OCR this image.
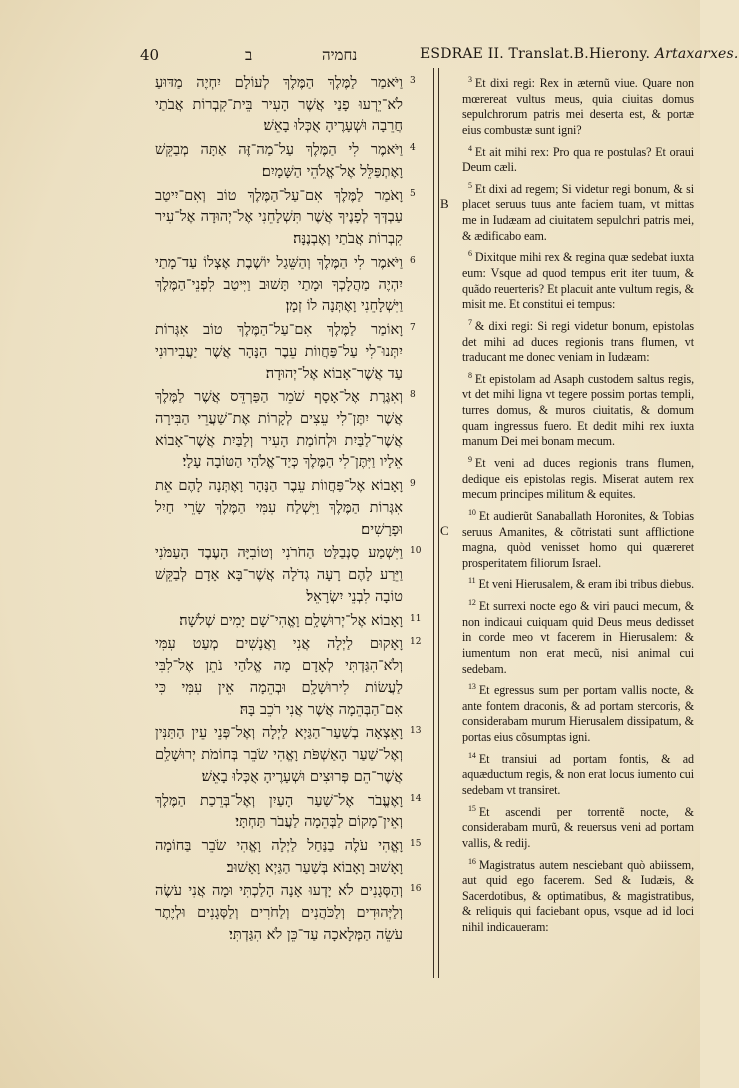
40	ב	נחמיה	ESDRAE II. Translat.B.Hierony. Artaxarxes.

וַיֹּאמַר לַמֶּלֶךְ הַמֶּלֶךְ לְעוֹלָם יִחְיֶה מַדּוּעַ לֹא־יֵרְעוּ פָנַי אֲשֶׁר הָעִיר בֵּית־קִבְרוֹת אֲבֹתַי חֲרֵבָה וּשְׁעָרֶיהָ אֻכְּלוּ בָאֵשׁ׃

וַיֹּאמֶר לִי הַמֶּלֶךְ עַל־מַה־זֶּה אַתָּה מְבַקֵּשׁ וָאֶתְפַּלֵּל אֶל־אֱלֹהֵי הַשָּׁמָיִם׃

וָאֹמַר לַמֶּלֶךְ אִם־עַל־הַמֶּלֶךְ טוֹב וְאִם־יִיטַב עַבְדְּךָ לְפָנֶיךָ אֲשֶׁר תִּשְׁלָחֵנִי אֶל־יְהוּדָה אֶל־עִיר קִבְרוֹת אֲבֹתַי וְאֶבְנֶנָּה׃

וַיֹּאמֶר לִי הַמֶּלֶךְ וְהַשֵּׁגַל יוֹשֶׁבֶת אֶצְלוֹ עַד־מָתַי יִהְיֶה מַהֲלָכְךָ וּמָתַי תָּשׁוּב וַיִּיטַב לִפְנֵי־הַמֶּלֶךְ וַיִּשְׁלָחֵנִי וָאֶתְּנָה לוֹ זְמָן׃

וָאוֹמַר לַמֶּלֶךְ אִם־עַל־הַמֶּלֶךְ טוֹב אִגְּרוֹת יִתְּנוּ־לִי עַל־פַּחֲווֹת עֵבֶר הַנָּהָר אֲשֶׁר יַעֲבִירוּנִי עַד אֲשֶׁר־אָבוֹא אֶל־יְהוּדָה׃

וְאִגֶּרֶת אֶל־אָסָף שֹׁמֵר הַפַּרְדֵּס אֲשֶׁר לַמֶּלֶךְ אֲשֶׁר יִתֶּן־לִי עֵצִים לְקָרוֹת אֶת־שַׁעֲרֵי הַבִּירָה אֲשֶׁר־לַבַּיִת וּלְחוֹמַת הָעִיר וְלַבַּיִת אֲשֶׁר־אָבוֹא אֵלָיו וַיִּתֶּן־לִי הַמֶּלֶךְ כְּיַד־אֱלֹהַי הַטּוֹבָה עָלָי׃

וָאָבוֹא אֶל־פַּחֲווֹת עֵבֶר הַנָּהָר וָאֶתְּנָה לָהֶם אֵת אִגְּרוֹת הַמֶּלֶךְ וַיִּשְׁלַח עִמִּי הַמֶּלֶךְ שָׂרֵי חַיִל וּפָרָשִׁים׃

וַיִּשְׁמַע סַנְבַלַּט הַחֹרֹנִי וְטוֹבִיָּה הָעֶבֶד הָעַמֹּנִי וַיֵּרַע לָהֶם רָעָה גְדֹלָה אֲשֶׁר־בָּא אָדָם לְבַקֵּשׁ טוֹבָה לִבְנֵי יִשְׂרָאֵל׃

וָאָבוֹא אֶל־יְרוּשָׁלָ͏ִם וָאֱהִי־שָׁם יָמִים שְׁלֹשָׁה׃

וָאָקוּם לַיְלָה אֲנִי וַאֲנָשִׁים מְעַט עִמִּי וְלֹא־הִגַּדְתִּי לְאָדָם מָה אֱלֹהַי נֹתֵן אֶל־לִבִּי לַעֲשׂוֹת לִירוּשָׁלָ͏ִם וּבְהֵמָה אֵין עִמִּי כִּי אִם־הַבְּהֵמָה אֲשֶׁר אֲנִי רֹכֵב בָּהּ׃

וָאֵצְאָה בְשַׁעַר־הַגַּיְא לַיְלָה וְאֶל־פְּנֵי עֵין הַתַּנִּין וְאֶל־שַׁעַר הָאַשְׁפֹּת וָאֱהִי שֹׂבֵר בְּחוֹמֹת יְרוּשָׁלַ͏ִם אֲשֶׁר־הֵם פְּרוּצִים וּשְׁעָרֶיהָ אֻכְּלוּ בָאֵשׁ׃

וָאֶעֱבֹר אֶל־שַׁעַר הָעַיִן וְאֶל־בְּרֵכַת הַמֶּלֶךְ וְאֵין־מָקוֹם לַבְּהֵמָה לַעֲבֹר תַּחְתָּי׃

וָאֱהִי עֹלֶה בַנַּחַל לַיְלָה וָאֱהִי שֹׂבֵר בַּחוֹמָה וָאָשׁוּב וָאָבוֹא בְּשַׁעַר הַגַּיְא וָאָשׁוּב׃

וְהַסְּגָנִים לֹא יָדְעוּ אָנָה הָלַכְתִּי וּמָה אֲנִי עֹשֶׂה וְלַיְּהוּדִים וְלַכֹּהֲנִים וְלַחֹרִים וְלַסְּגָנִים וּלְיֶתֶר עֹשֵׂה הַמְּלָאכָה עַד־כֵּן לֹא הִגַּדְתִּי׃

3
4
5
6
7
8
9
10
11
12
13
14
15
16
B
C

$^3$ Et dixi regi: Rex in æternũ viue. Quare non mœrereat vultus meus, quia ciuitas domus sepulchrorum patris mei deserta est, & portæ eius combustæ sunt igni?

$^4$ Et ait mihi rex: Pro qua re postulas? Et oraui Deum cæli.

$^5$ Et dixi ad regem; Si videtur regi bonum, & si placet seruus tuus ante faciem tuam, vt mittas me in Iudæam ad ciuitatem sepulchri patris mei, & ædificabo eam.

$^6$ Dixitque mihi rex & regina quæ sedebat iuxta eum: Vsque ad quod tempus erit iter tuum, & quãdo reuerteris? Et placuit ante vultum regis, & misit me. Et constitui ei tempus:

$^7$ & dixi regi: Si regi videtur bonum, epistolas det mihi ad duces regionis trans flumen, vt traducant me donec veniam in Iudæam:

$^8$ Et epistolam ad Asaph custodem saltus regis, vt det mihi ligna vt tegere possim portas templi, turres domus, & muros ciuitatis, & domum quam ingressus fuero. Et dedit mihi rex iuxta manum Dei mei bonam mecum.

$^9$ Et veni ad duces regionis trans flumen, dedique eis epistolas regis. Miserat autem rex mecum principes militum & equites.

$^{10}$ Et audierũt Sanaballath Horonites, & Tobias seruus Amanites, & cõtristati sunt afflictione magna, quòd venisset homo qui quæreret prosperitatem filiorum Israel.

$^{11}$ Et veni Hierusalem, & eram ibi tribus diebus.

$^{12}$ Et surrexi nocte ego & viri pauci mecum, & non indicaui cuiquam quid Deus meus dedisset in corde meo vt facerem in Hierusalem: & iumentum non erat mecũ, nisi animal cui sedebam.

$^{13}$ Et egressus sum per portam vallis nocte, & ante fontem draconis, & ad portam stercoris, & considerabam murum Hierusalem dissipatum, & portas eius cõsumptas igni.

$^{14}$ Et transiui ad portam fontis, & ad aquæductum regis, & non erat locus iumento cui sedebam vt transiret.

$^{15}$ Et ascendi per torrentẽ nocte, & considerabam murũ, & reuersus veni ad portam vallis, & redij.

$^{16}$ Magistratus autem nesciebant quò abiissem, aut quid ego facerem. Sed & Iudæis, & Sacerdotibus, & optimatibus, & magistratibus, & reliquis qui faciebant opus, vsque ad id loci nihil indicaueram:
